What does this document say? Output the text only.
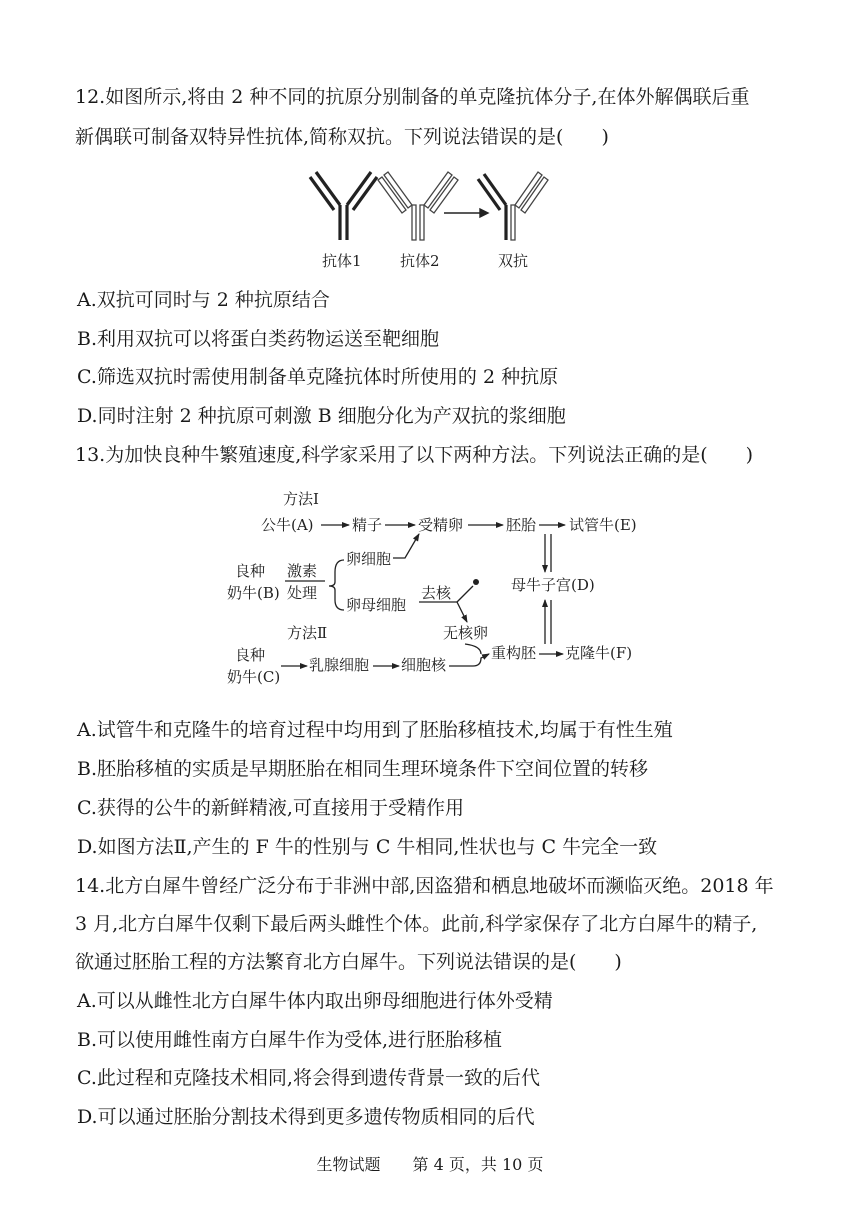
12.如图所示,将由 2 种不同的抗原分别制备的单克隆抗体分子,在体外解偶联后重
新偶联可制备双特异性抗体,简称双抗。下列说法错误的是(　　)
抗体1	抗体2	双抗
A.双抗可同时与 2 种抗原结合
B.利用双抗可以将蛋白类药物运送至靶细胞
C.筛选双抗时需使用制备单克隆抗体时所使用的 2 种抗原
D.同时注射 2 种抗原可刺激 B 细胞分化为产双抗的浆细胞
13.为加快良种牛繁殖速度,科学家采用了以下两种方法。下列说法正确的是(　　)
方法Ⅰ
公牛(A)	精子 受精卵	胚胎 试管牛(E)
良种
奶牛(B)
激素
处理
卵细胞
卵母细胞
去核
无核卵
母牛子宫(D)
方法Ⅱ
良种
奶牛(C)
乳腺细胞 细胞核
重构胚 克隆牛(F)
A.试管牛和克隆牛的培育过程中均用到了胚胎移植技术,均属于有性生殖
B.胚胎移植的实质是早期胚胎在相同生理环境条件下空间位置的转移
C.获得的公牛的新鲜精液,可直接用于受精作用
D.如图方法Ⅱ,产生的 F 牛的性别与 C 牛相同,性状也与 C 牛完全一致
14.北方白犀牛曾经广泛分布于非洲中部,因盗猎和栖息地破坏而濒临灭绝。2018 年
3 月,北方白犀牛仅剩下最后两头雌性个体。此前,科学家保存了北方白犀牛的精子,
欲通过胚胎工程的方法繁育北方白犀牛。下列说法错误的是(　　)
A.可以从雌性北方白犀牛体内取出卵母细胞进行体外受精
B.可以使用雌性南方白犀牛作为受体,进行胚胎移植
C.此过程和克隆技术相同,将会得到遗传背景一致的后代
D.可以通过胚胎分割技术得到更多遗传物质相同的后代
生物试题　　第 4 页，共 10 页
